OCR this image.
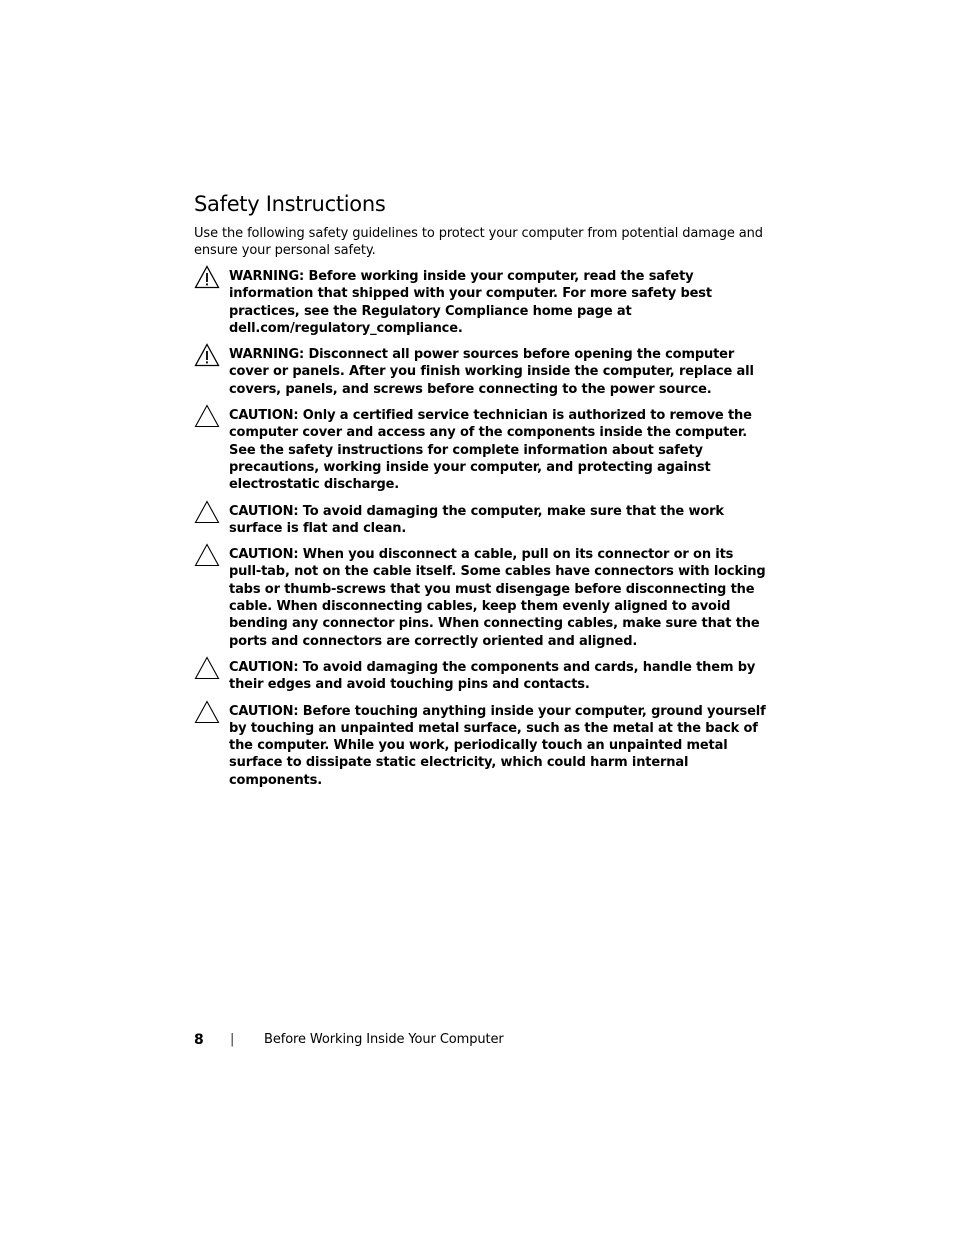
Safety Instructions

Use the following safety guidelines to protect your computer from potential damage and ensure your personal safety.

WARNING: Before working inside your computer, read the safety information that shipped with your computer. For more safety best practices, see the Regulatory Compliance home page at dell.com/regulatory_compliance.

WARNING: Disconnect all power sources before opening the computer cover or panels. After you finish working inside the computer, replace all covers, panels, and screws before connecting to the power source.

CAUTION: Only a certified service technician is authorized to remove the computer cover and access any of the components inside the computer. See the safety instructions for complete information about safety precautions, working inside your computer, and protecting against electrostatic discharge.

CAUTION: To avoid damaging the computer, make sure that the work surface is flat and clean.

CAUTION: When you disconnect a cable, pull on its connector or on its pull-tab, not on the cable itself. Some cables have connectors with locking tabs or thumb-screws that you must disengage before disconnecting the cable. When disconnecting cables, keep them evenly aligned to avoid bending any connector pins. When connecting cables, make sure that the ports and connectors are correctly oriented and aligned.

CAUTION: To avoid damaging the components and cards, handle them by their edges and avoid touching pins and contacts.

CAUTION: Before touching anything inside your computer, ground yourself by touching an unpainted metal surface, such as the metal at the back of the computer. While you work, periodically touch an unpainted metal surface to dissipate static electricity, which could harm internal components.

8	|	Before Working Inside Your Computer
